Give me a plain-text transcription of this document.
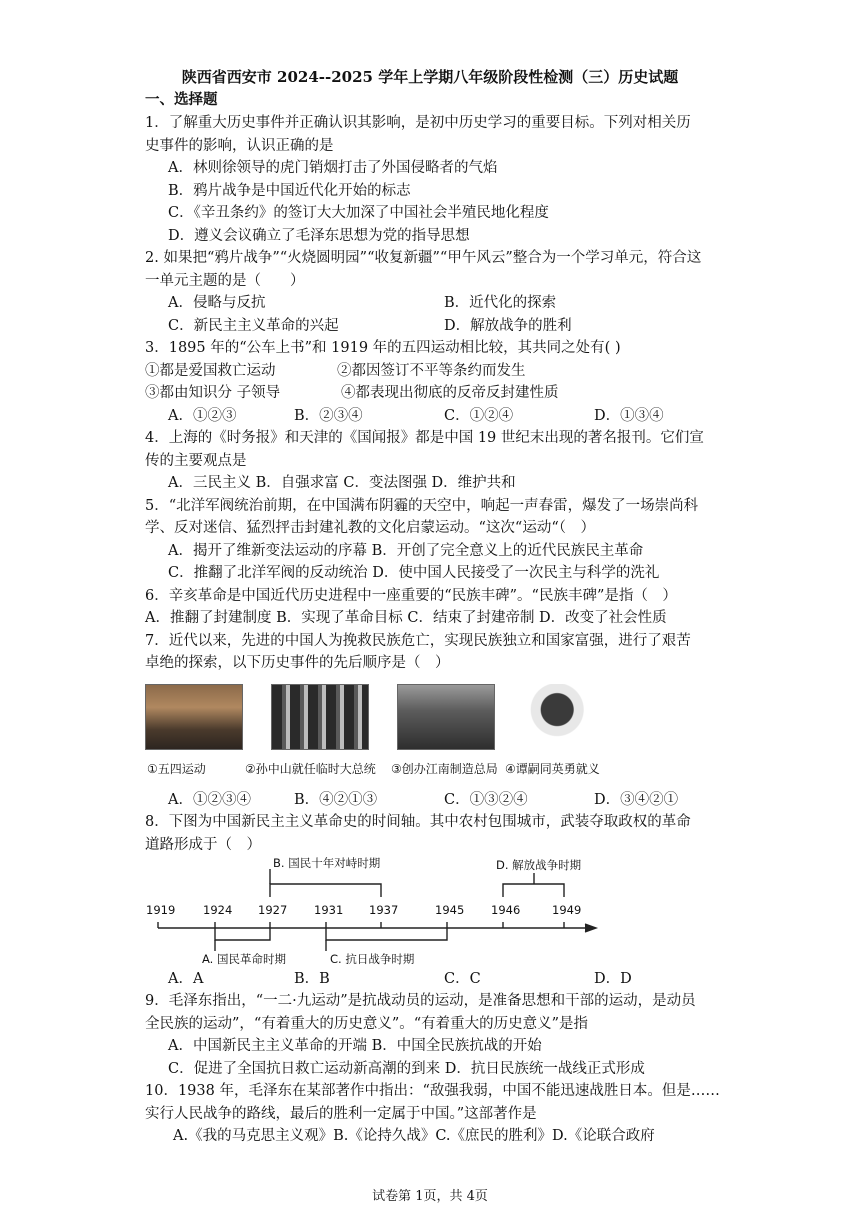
陕西省西安市 2024--2025 学年上学期八年级阶段性检测（三）历史试题
一、选择题
1．了解重大历史事件并正确认识其影响，是初中历史学习的重要目标。下列对相关历
史事件的影响，认识正确的是
A．林则徐领导的虎门销烟打击了外国侵略者的气焰
B．鸦片战争是中国近代化开始的标志
C．《辛丑条约》的签订大大加深了中国社会半殖民地化程度
D．遵义会议确立了毛泽东思想为党的指导思想
2. 如果把“鸦片战争”“火烧圆明园”“收复新疆”“甲午风云”整合为一个学习单元，符合这
一单元主题的是（　　）
A．侵略与反抗	B．近代化的探索
C．新民主主义革命的兴起	D．解放战争的胜利
3．1895 年的“公车上书”和 1919 年的五四运动相比较，其共同之处有( )
①都是爱国救亡运动	②都因签订不平等条约而发生
③都由知识分 子领导	④都表现出彻底的反帝反封建性质
A．①②③	B．②③④	C．①②④	D．①③④
4．上海的《时务报》和天津的《国闻报》都是中国 19 世纪末出现的著名报刊。它们宣
传的主要观点是
A．三民主义 B．自强求富 C．变法图强 D．维护共和
5．“北洋军阀统治前期，在中国满布阴霾的天空中，响起一声春雷，爆发了一场崇尚科
学、反对迷信、猛烈抨击封建礼教的文化启蒙运动。“这次“运动“（　）
A．揭开了维新变法运动的序幕 B．开创了完全意义上的近代民族民主革命
C．推翻了北洋军阀的反动统治 D．使中国人民接受了一次民主与科学的洗礼
6．辛亥革命是中国近代历史进程中一座重要的“民族丰碑”。“民族丰碑”是指（　）
A．推翻了封建制度 B．实现了革命目标 C．结束了封建帝制 D．改变了社会性质
7．近代以来，先进的中国人为挽救民族危亡，实现民族独立和国家富强，进行了艰苦
卓绝的探索，以下历史事件的先后顺序是（　）
①五四运动	②孙中山就任临时大总统 ③创办江南制造总局 ④谭嗣同英勇就义
A．①②③④	B．④②①③	C．①③②④	D．③④②①
8．下图为中国新民主主义革命史的时间轴。其中农村包围城市，武装夺取政权的革命
道路形成于（　）
1919 1924 1927 1931 1937	1945 1946	1949
B. 国民十年对峙时期	D. 解放战争时期
A. 国民革命时期	C. 抗日战争时期
A．A	B．B	C．C	D．D
9．毛泽东指出，“一二·九运动”是抗战动员的运动，是准备思想和干部的运动，是动员
全民族的运动”，“有着重大的历史意义”。“有着重大的历史意义”是指
A．中国新民主主义革命的开端 B．中国全民族抗战的开始
C．促进了全国抗日救亡运动新高潮的到来 D．抗日民族统一战线正式形成
10．1938 年，毛泽东在某部著作中指出：“敌强我弱，中国不能迅速战胜日本。但是……
实行人民战争的路线，最后的胜利一定属于中国。”这部著作是
A.《我的马克思主义观》B.《论持久战》C.《庶民的胜利》D.《论联合政府
试卷第 1页，共 4页
